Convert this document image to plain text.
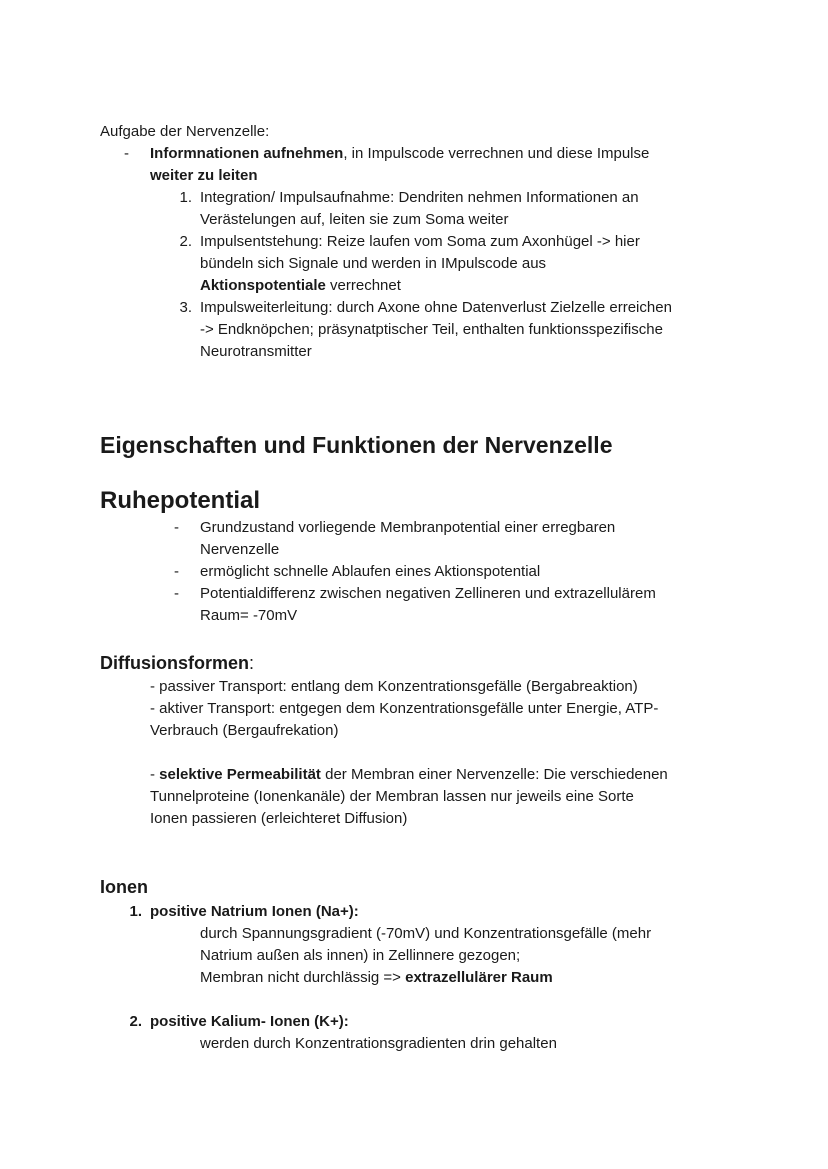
Aufgabe der Nervenzelle:
- Informnationen aufnehmen, in Impulscode verrechnen und diese Impulse
weiter zu leiten
1. Integration/ Impulsaufnahme: Dendriten nehmen Informationen an
Verästelungen auf, leiten sie zum Soma weiter
2. Impulsentstehung: Reize laufen vom Soma zum Axonhügel -> hier
bündeln sich Signale und werden in IMpulscode aus
Aktionspotentiale verrechnet
3. Impulsweiterleitung: durch Axone ohne Datenverlust Zielzelle erreichen
-> Endknöpchen; präsynatptischer Teil, enthalten funktionsspezifische
Neurotransmitter
Eigenschaften und Funktionen der Nervenzelle
Ruhepotential
- Grundzustand vorliegende Membranpotential einer erregbaren
Nervenzelle
- ermöglicht schnelle Ablaufen eines Aktionspotential
- Potentialdifferenz zwischen negativen Zellineren und extrazellulärem
Raum= -70mV
Diffusionsformen:
- passiver Transport: entlang dem Konzentrationsgefälle (Bergabreaktion)
- aktiver Transport: entgegen dem Konzentrationsgefälle unter Energie, ATP-
Verbrauch (Bergaufrekation)
- selektive Permeabilität der Membran einer Nervenzelle: Die verschiedenen
Tunnelproteine (Ionenkanäle) der Membran lassen nur jeweils eine Sorte
Ionen passieren (erleichteret Diffusion)
Ionen
1. positive Natrium Ionen (Na+):
durch Spannungsgradient (-70mV) und Konzentrationsgefälle (mehr
Natrium außen als innen) in Zellinnere gezogen;
Membran nicht durchlässig => extrazellulärer Raum
2. positive Kalium- Ionen (K+):
werden durch Konzentrationsgradienten drin gehalten
